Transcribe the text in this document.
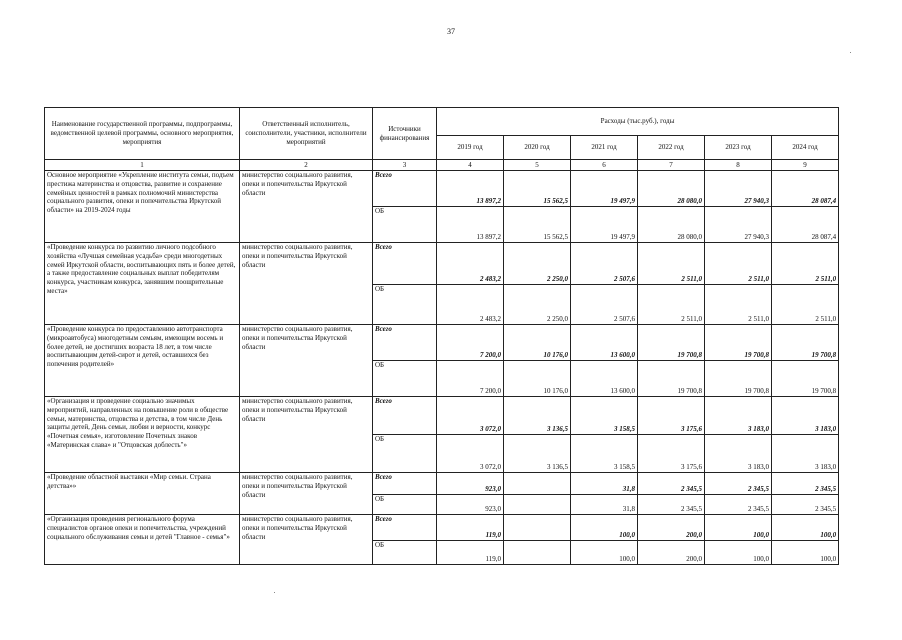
37
Наименование государственной программы, подпрограммы, ведомственной целевой программы, основного мероприятия, мероприятия	Ответственный исполнитель, соисполнители, участники, исполнители мероприятий	Источники финансирования	Расходы (тыс.руб.), годы					
			2019 год	2020 год	2021 год	2022 год	2023 год	2024 год
1	2	3	4	5	6	7	8	9
Основное мероприятие «Укрепление института семьи, подъем престижа материнства и отцовства, развитие и сохранение семейных ценностей в рамках полномочий министерства социального развития, опеки и попечительства Иркутской области» на 2019-2024 годы	министерство социального развития, опеки и попечительства Иркутской области	Всего	13 897,2	15 562,5	19 497,9	28 080,0	27 940,3	28 087,4
		ОБ	13 897,2	15 562,5	19 497,9	28 080,0	27 940,3	28 087,4
«Проведение конкурса по развитию личного подсобного хозяйства «Лучшая семейная усадьба» среди многодетных семей Иркутской области, воспитывающих пять и более детей, а также предоставление социальных выплат победителям конкурса, участникам конкурса, занявшим поощрительные места»	министерство социального развития, опеки и попечительства Иркутской области	Всего	2 483,2	2 250,0	2 507,6	2 511,0	2 511,0	2 511,0
		ОБ	2 483,2	2 250,0	2 507,6	2 511,0	2 511,0	2 511,0
«Проведение конкурса по предоставлению автотранспорта (микроавтобуса) многодетным семьям, имеющим восемь и более детей, не достигших возраста 18 лет, в том числе воспитывающим детей-сирот и детей, оставшихся без попечения родителей»	министерство социального развития, опеки и попечительства Иркутской области	Всего	7 200,0	10 176,0	13 600,0	19 700,8	19 700,8	19 700,8
		ОБ	7 200,0	10 176,0	13 600,0	19 700,8	19 700,8	19 700,8
«Организация и проведение социально значимых мероприятий, направленных на повышение роли в обществе семьи, материнства, отцовства и детства, в том числе День защиты детей, День семьи, любви и верности, конкурс «Почетная семья», изготовление Почетных знаков «Материнская слава» и "Отцовская доблесть"»	министерство социального развития, опеки и попечительства Иркутской области	Всего	3 072,0	3 136,5	3 158,5	3 175,6	3 183,0	3 183,0
		ОБ	3 072,0	3 136,5	3 158,5	3 175,6	3 183,0	3 183,0
«Проведение областной выставки «Мир семьи. Страна детства»»	министерство социального развития, опеки и попечительства Иркутской области	Всего	923,0		31,8	2 345,5	2 345,5	2 345,5
		ОБ	923,0		31,8	2 345,5	2 345,5	2 345,5
«Организация проведения регионального форума специалистов органов опеки и попечительства, учреждений социального обслуживания семьи и детей "Главное - семья"»	министерство социального развития, опеки и попечительства Иркутской области	Всего	119,0		100,0	200,0	100,0	100,0
		ОБ	119,0		100,0	200,0	100,0	100,0
